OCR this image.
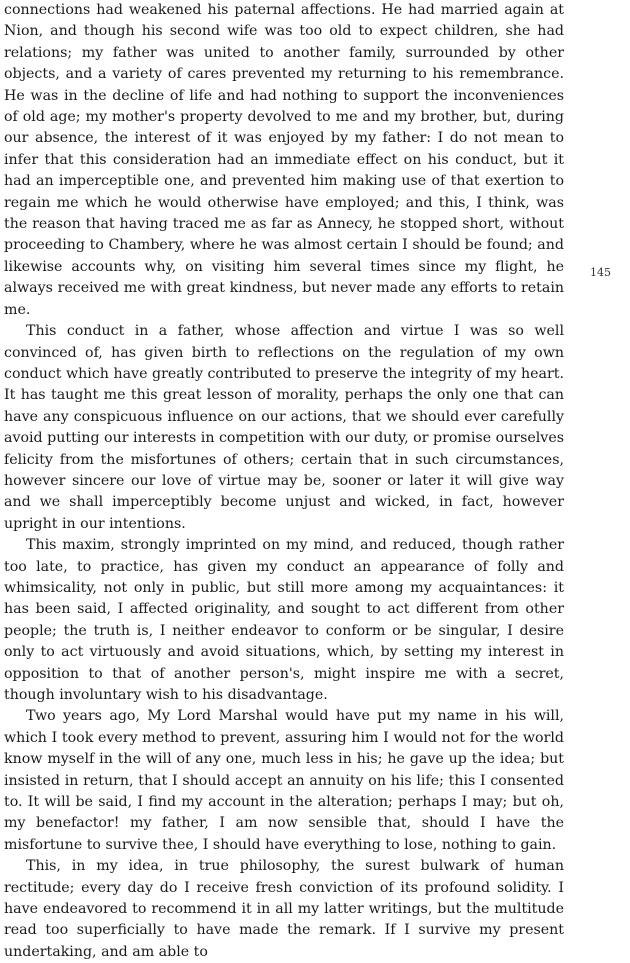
connections had weakened his paternal affections. He had married again at Nion, and though his second wife was too old to expect children, she had relations; my father was united to another family, surrounded by other objects, and a variety of cares prevented my returning to his remembrance. He was in the decline of life and had nothing to support the inconveniences of old age; my mother's property devolved to me and my brother, but, during our absence, the interest of it was enjoyed by my father: I do not mean to infer that this consideration had an immediate effect on his conduct, but it had an imperceptible one, and prevented him making use of that exertion to regain me which he would otherwise have employed; and this, I think, was the reason that having traced me as far as Annecy, he stopped short, without proceeding to Chambery, where he was almost certain I should be found; and likewise accounts why, on visiting him several times since my flight, he always received me with great kindness, but never made any efforts to retain me.

This conduct in a father, whose affection and virtue I was so well convinced of, has given birth to reflections on the regulation of my own conduct which have greatly contributed to preserve the integrity of my heart. It has taught me this great lesson of morality, perhaps the only one that can have any conspicuous influence on our actions, that we should ever carefully avoid putting our interests in competition with our duty, or promise ourselves felicity from the misfortunes of others; certain that in such circumstances, however sincere our love of virtue may be, sooner or later it will give way and we shall imperceptibly become unjust and wicked, in fact, however upright in our intentions.

This maxim, strongly imprinted on my mind, and reduced, though rather too late, to practice, has given my conduct an appearance of folly and whimsicality, not only in public, but still more among my acquaintances: it has been said, I affected originality, and sought to act different from other people; the truth is, I neither endeavor to conform or be singular, I desire only to act virtuously and avoid situations, which, by setting my interest in opposition to that of another person's, might inspire me with a secret, though involuntary wish to his disadvantage.

Two years ago, My Lord Marshal would have put my name in his will, which I took every method to prevent, assuring him I would not for the world know myself in the will of any one, much less in his; he gave up the idea; but insisted in return, that I should accept an annuity on his life; this I consented to. It will be said, I find my account in the alteration; perhaps I may; but oh, my benefactor! my father, I am now sensible that, should I have the misfortune to survive thee, I should have everything to lose, nothing to gain.

This, in my idea, in true philosophy, the surest bulwark of human rectitude; every day do I receive fresh conviction of its profound solidity. I have endeavored to recommend it in all my latter writings, but the multitude read too superficially to have made the remark. If I survive my present undertaking, and am able to

145
